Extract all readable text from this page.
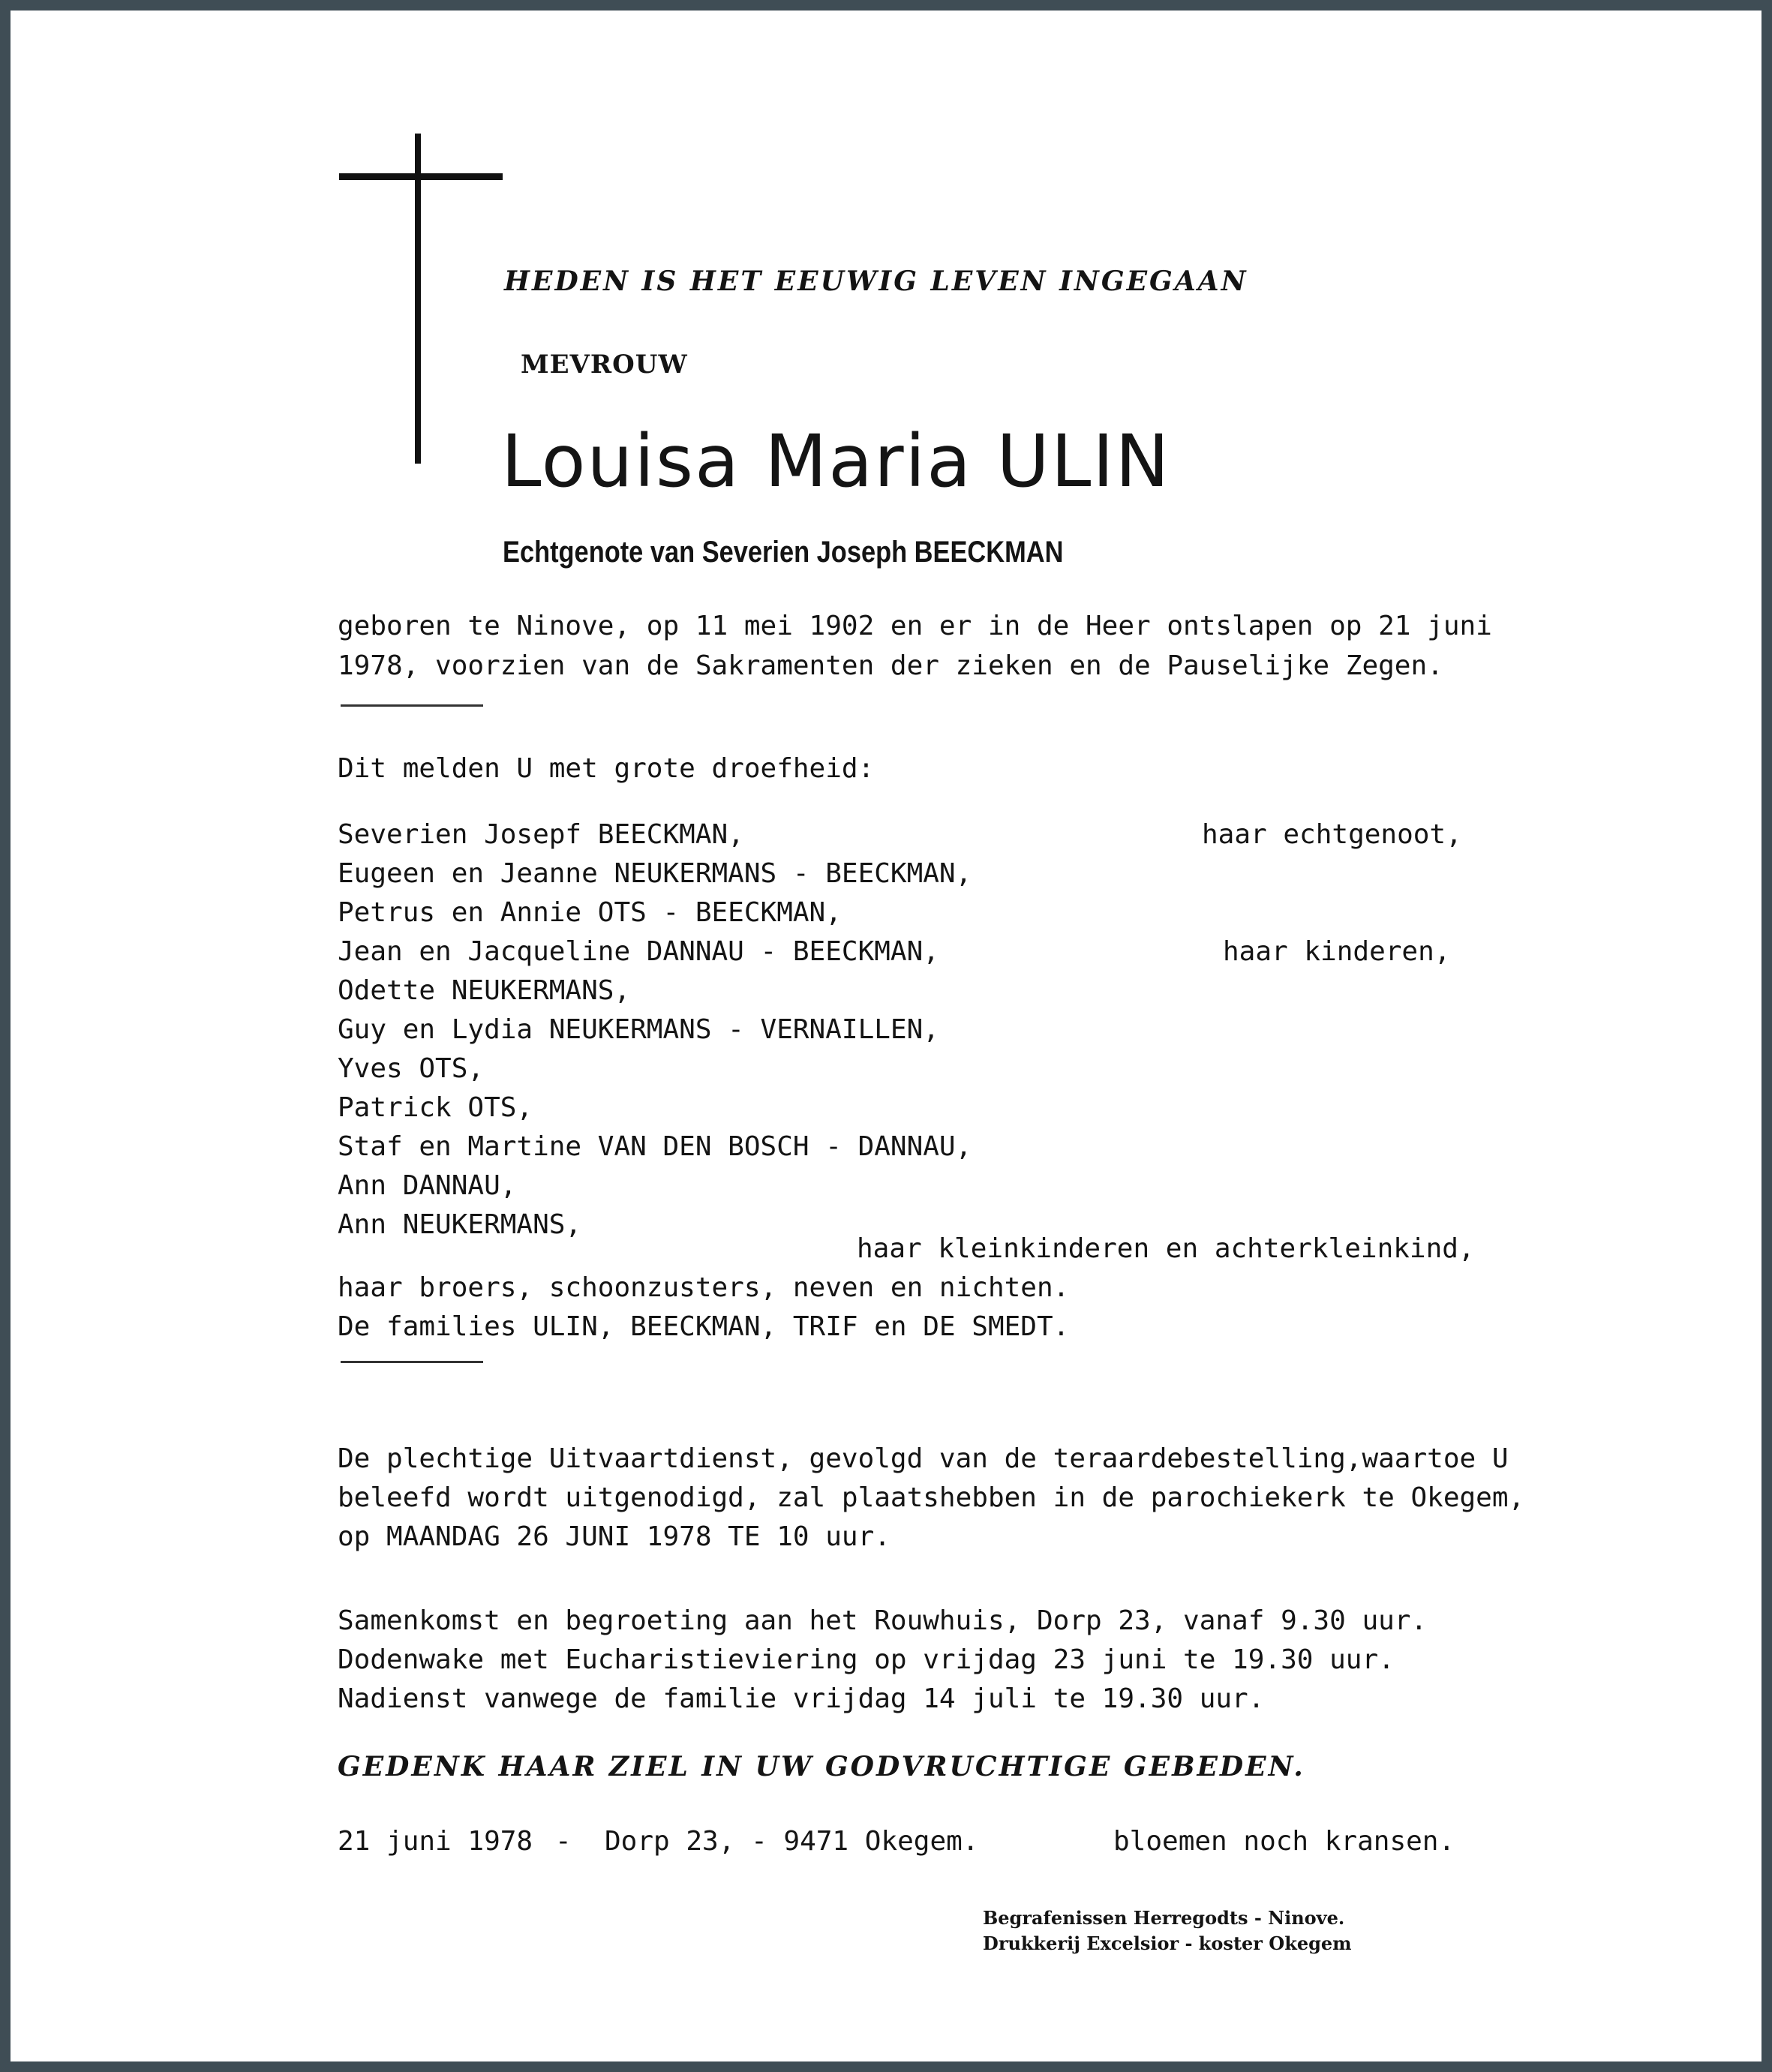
HEDEN IS HET EEUWIG LEVEN INGEGAAN
MEVROUW
Louisa Maria ULIN
Echtgenote van Severien Joseph BEECKMAN
geboren te Ninove, op 11 mei 1902 en er in de Heer ontslapen op 21 juni
1978, voorzien van de Sakramenten der zieken en de Pauselijke Zegen.
Dit melden U met grote droefheid:
Severien Josepf BEECKMAN,
Eugeen en Jeanne NEUKERMANS - BEECKMAN,
Petrus en Annie OTS - BEECKMAN,
Jean en Jacqueline DANNAU - BEECKMAN,
Odette NEUKERMANS,
Guy en Lydia NEUKERMANS - VERNAILLEN,
Yves OTS,
Patrick OTS,
Staf en Martine VAN DEN BOSCH - DANNAU,
Ann DANNAU,
Ann NEUKERMANS,
haar echtgenoot,
haar kinderen,
haar kleinkinderen en achterkleinkind,
haar broers, schoonzusters, neven en nichten.
De families ULIN, BEECKMAN, TRIF en DE SMEDT.
De plechtige Uitvaartdienst, gevolgd van de teraardebestelling,waartoe U
beleefd wordt uitgenodigd, zal plaatshebben in de parochiekerk te Okegem,
op MAANDAG 26 JUNI 1978 TE 10 uur.
Samenkomst en begroeting aan het Rouwhuis, Dorp 23, vanaf 9.30 uur.
Dodenwake met Eucharistieviering op vrijdag 23 juni te 19.30 uur.
Nadienst vanwege de familie vrijdag 14 juli te 19.30 uur.
GEDENK HAAR ZIEL IN UW GODVRUCHTIGE GEBEDEN.
21 juni 1978 - Dorp 23, - 9471 Okegem.	bloemen noch kransen.
Begrafenissen Herregodts - Ninove.
Drukkerij Excelsior - koster Okegem
